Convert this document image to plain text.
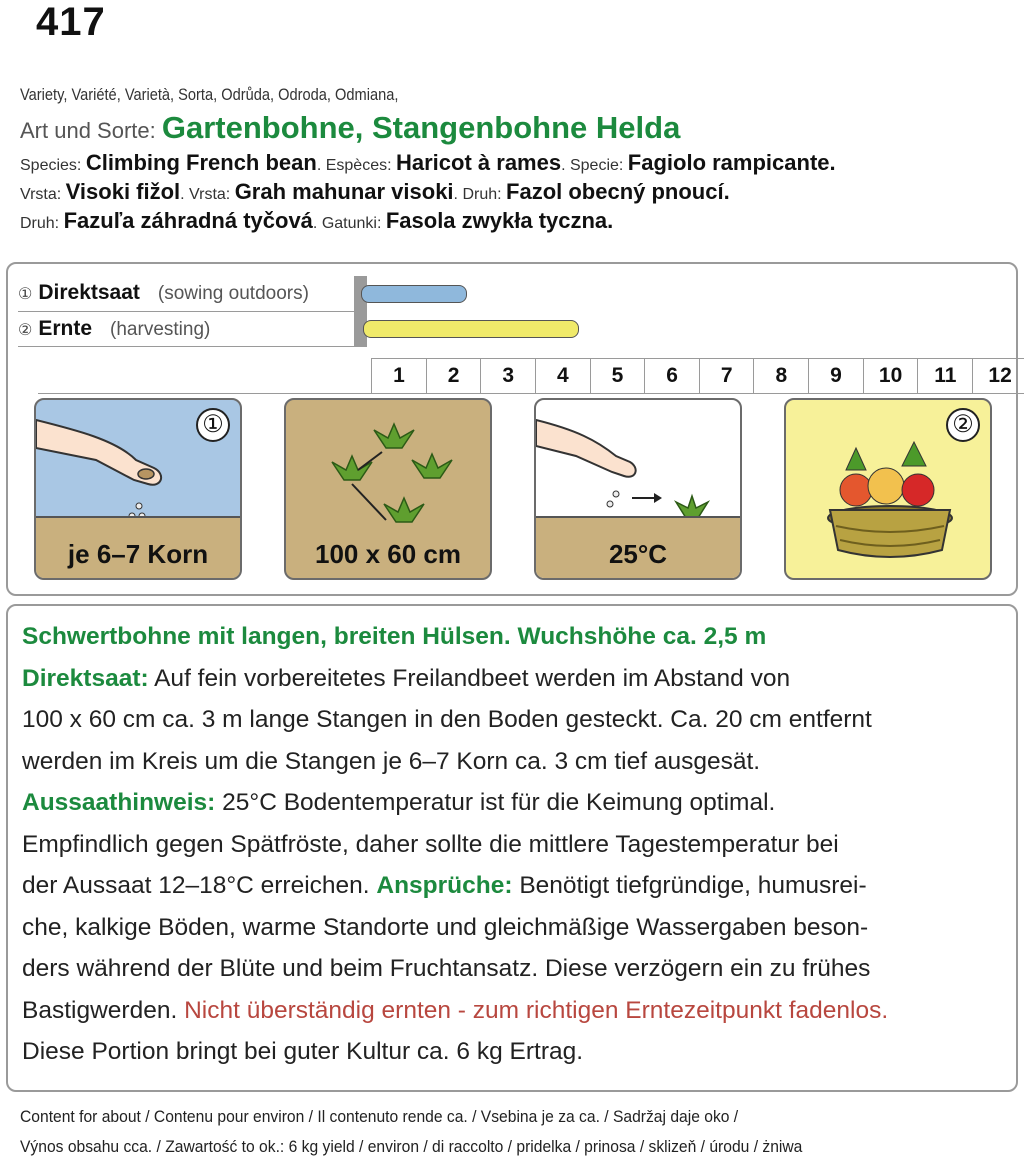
417
Variety, Variété, Varietà, Sorta, Odrůda, Odroda, Odmiana,
Art und Sorte: Gartenbohne, Stangenbohne Helda
Species: Climbing French bean. Espèces: Haricot à rames. Specie: Fagiolo rampicante.
Vrsta: Visoki fižol. Vrsta: Grah mahunar visoki. Druh: Fazol obecný pnoucí.
Druh: Fazuľa záhradná tyčová. Gatunki: Fasola zwykła tyczna.
	1	2	3	4	5	6	7	8	9	10	11	12
① Direktsaat (sowing outdoors)					

② Ernte (harvesting)							

①
je 6–7 Korn	100 x 60 cm	25°C
②
Schwertbohne mit langen, breiten Hülsen. Wuchshöhe ca. 2,5 m
Direktsaat: Auf fein vorbereitetes Freilandbeet werden im Abstand von
100 x 60 cm ca. 3 m lange Stangen in den Boden gesteckt. Ca. 20 cm entfernt
werden im Kreis um die Stangen je 6–7 Korn ca. 3 cm tief ausgesät.
Aussaathinweis: 25°C Bodentemperatur ist für die Keimung optimal.
Empfindlich gegen Spätfröste, daher sollte die mittlere Tagestemperatur bei
der Aussaat 12–18°C erreichen. Ansprüche: Benötigt tiefgründige, humusrei-
che, kalkige Böden, warme Standorte und gleichmäßige Wassergaben beson-
ders während der Blüte und beim Fruchtansatz. Diese verzögern ein zu frühes
Bastigwerden. Nicht überständig ernten - zum richtigen Erntezeitpunkt fadenlos.
Diese Portion bringt bei guter Kultur ca. 6 kg Ertrag.
Content for about / Contenu pour environ / Il contenuto rende ca. / Vsebina je za ca. / Sadržaj daje oko /
Výnos obsahu cca. / Zawartość to ok.: 6 kg yield / environ / di raccolto / pridelka / prinosa / sklizeň / úrodu / żniwa
